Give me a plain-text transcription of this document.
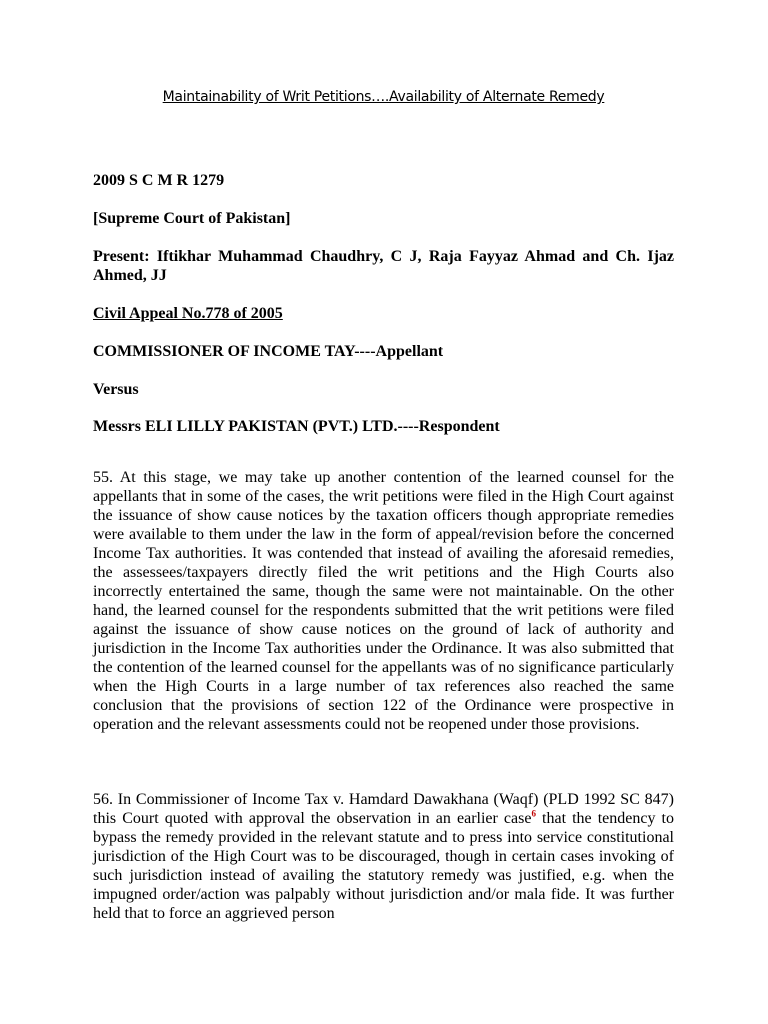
Maintainability of Writ Petitions….Availability of Alternate Remedy
2009 S C M R 1279
[Supreme Court of Pakistan]
Present: Iftikhar Muhammad Chaudhry, C J, Raja Fayyaz Ahmad and Ch. Ijaz Ahmed, JJ
Civil Appeal No.778 of 2005
COMMISSIONER OF INCOME TAY----Appellant
Versus
Messrs ELI LILLY PAKISTAN (PVT.) LTD.----Respondent
55. At this stage, we may take up another contention of the learned counsel for the appellants that in some of the cases, the writ petitions were filed in the High Court against the issuance of show cause notices by the taxation officers though appropriate remedies were available to them under the law in the form of appeal/revision before the concerned Income Tax authorities. It was contended that instead of availing the aforesaid remedies, the assessees/taxpayers directly filed the writ petitions and the High Courts also incorrectly entertained the same, though the same were not maintainable. On the other hand, the learned counsel for the respondents submitted that the writ petitions were filed against the issuance of show cause notices on the ground of lack of authority and jurisdiction in the Income Tax authorities under the Ordinance. It was also submitted that the contention of the learned counsel for the appellants was of no significance particularly when the High Courts in a large number of tax references also reached the same conclusion that the provisions of section 122 of the Ordinance were prospective in operation and the relevant assessments could not be reopened under those provisions.
56. In Commissioner of Income Tax v. Hamdard Dawakhana (Waqf) (PLD 1992 SC 847) this Court quoted with approval the observation in an earlier case$^6$ that the tendency to bypass the remedy provided in the relevant statute and to press into service constitutional jurisdiction of the High Court was to be discouraged, though in certain cases invoking of such jurisdiction instead of availing the statutory remedy was justified, e.g. when the impugned order/action was palpably without jurisdiction and/or mala fide. It was further held that to force an aggrieved person
